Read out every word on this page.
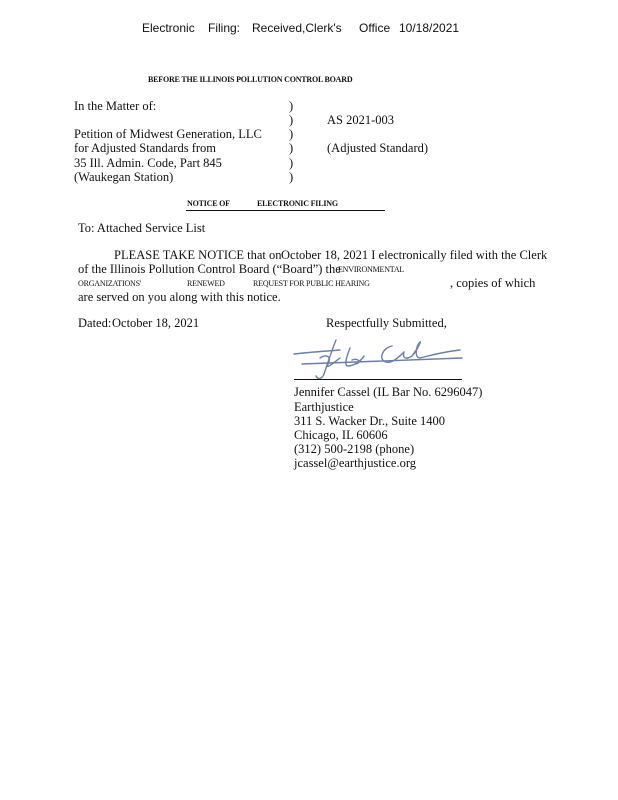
Electronic Filing: Received,Clerk's Office 10/18/2021
BEFORE THE ILLINOIS POLLUTION CONTROL BOARD
In the Matter of:
Petition of Midwest Generation, LLC
for Adjusted Standards from
35 Ill. Admin. Code, Part 845
(Waukegan Station)
)
)
)
)
)
)
AS 2021-003
(Adjusted Standard)
NOTICE OF	ELECTRONIC FILING
To: Attached Service List
PLEASE TAKE NOTICE that on October 18, 2021 I electronically filed with the Clerk
of the Illinois Pollution Control Board (“Board”) the
ENVIRONMENTAL
ORGANIZATIONS'	RENEWED	REQUEST FOR PUBLIC HEARING	, copies of which
are served on you along with this notice.
Dated: October 18, 2021	Respectfully Submitted,
Jennifer Cassel (IL Bar No. 6296047)
Earthjustice
311 S. Wacker Dr., Suite 1400
Chicago, IL 60606
(312) 500-2198 (phone)
jcassel@earthjustice.org
